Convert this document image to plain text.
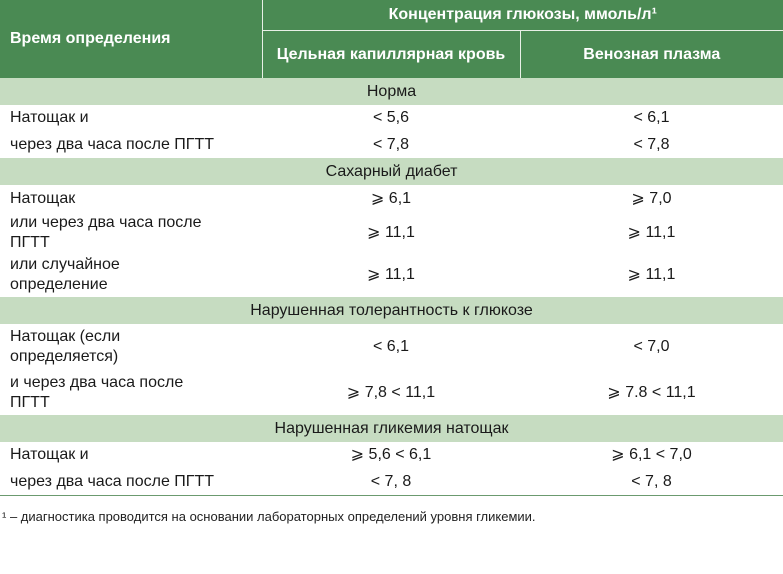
Время определения	Концентрация глюкозы, ммоль/л¹	
	Цельная капиллярная кровь	Венозная плазма
Норма		
Натощак и	< 5,6	< 6,1
через два часа после ПГТТ	< 7,8	< 7,8
Сахарный диабет		
Натощак	⩾ 6,1	⩾ 7,0
или через два часа после ПГТТ	⩾ 11,1	⩾ 11,1
или случайное определение	⩾ 11,1	⩾ 11,1
Нарушенная толерантность к глюкозе		
Натощак (если определяется)	< 6,1	< 7,0
и через два часа после ПГТТ	⩾ 7,8 < 11,1	⩾ 7.8 < 11,1
Нарушенная гликемия натощак		
Натощак и	⩾ 5,6 < 6,1	⩾ 6,1 < 7,0
через два часа после ПГТТ	< 7, 8	< 7, 8
¹ – диагностика проводится на основании лабораторных определений уровня гликемии.
